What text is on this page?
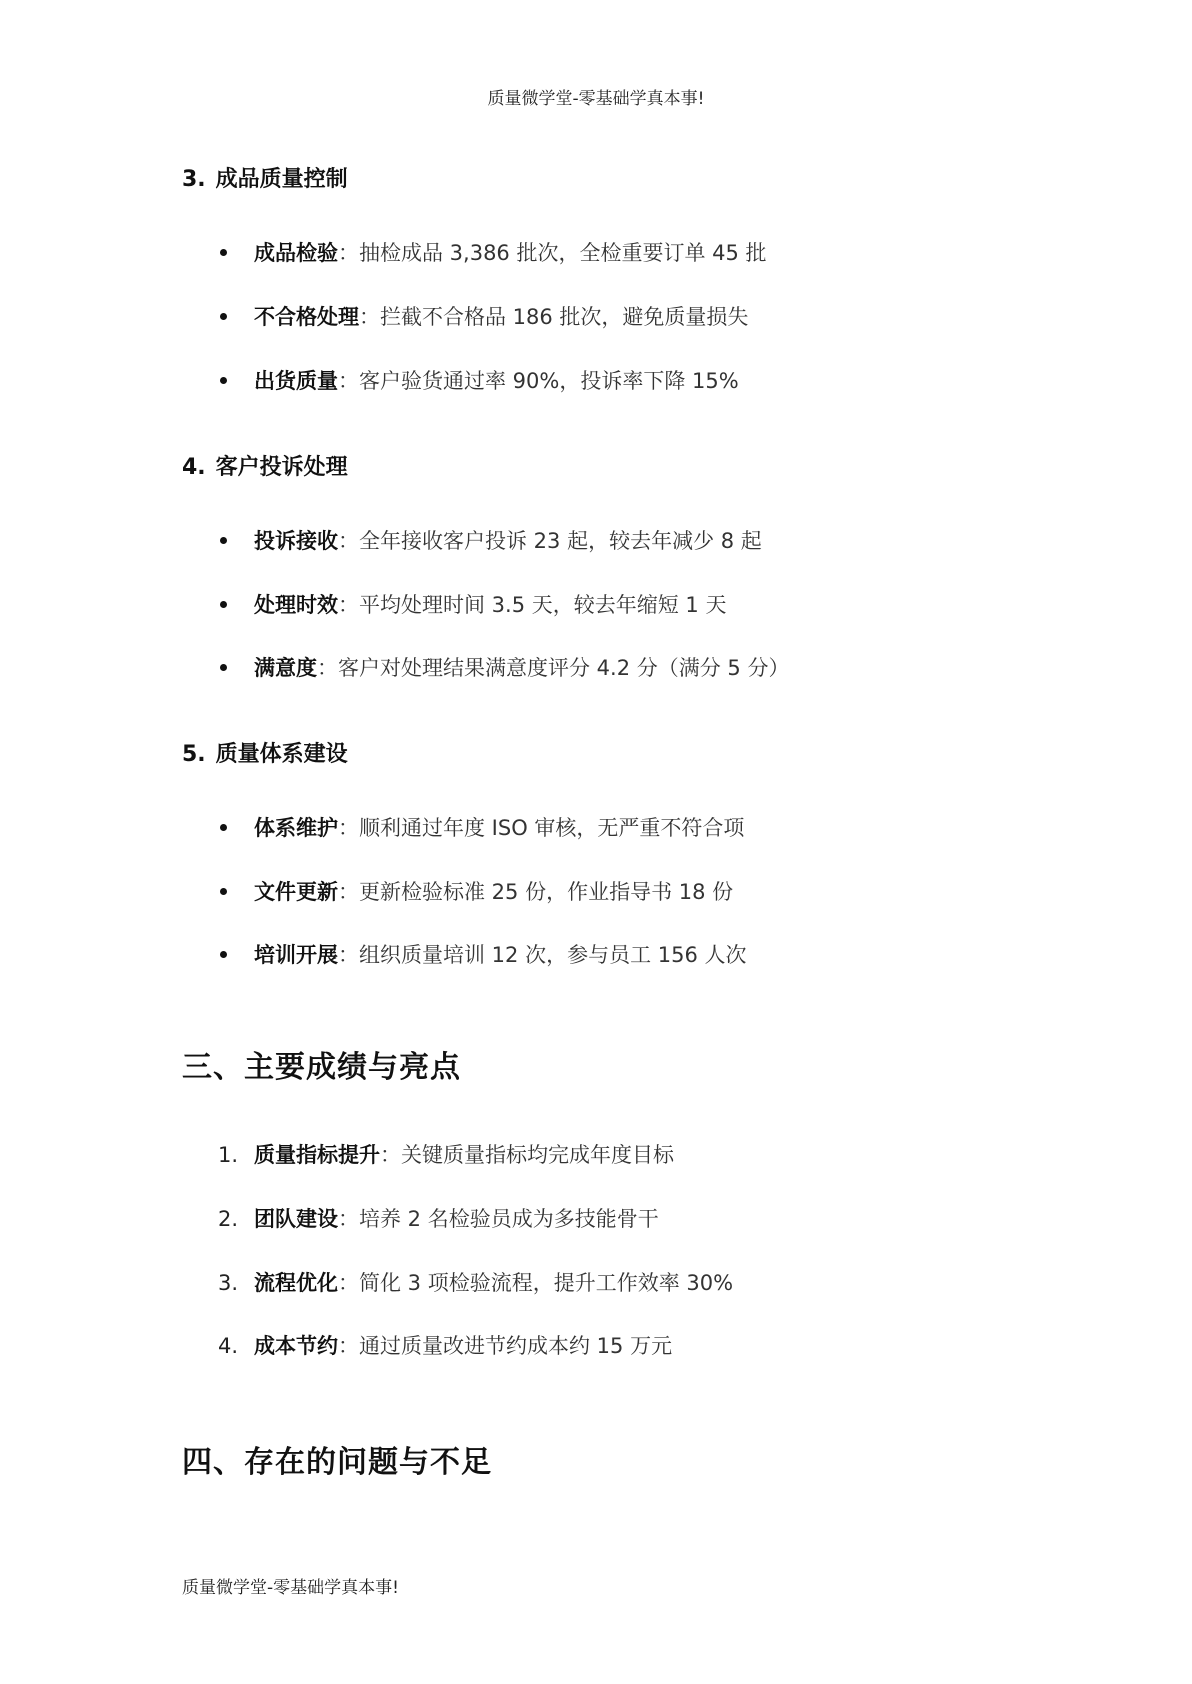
质量微学堂-零基础学真本事!
3. 成品质量控制
成品检验：抽检成品 3,386 批次，全检重要订单 45 批
不合格处理：拦截不合格品 186 批次，避免质量损失
出货质量：客户验货通过率 90%，投诉率下降 15%
4. 客户投诉处理
投诉接收：全年接收客户投诉 23 起，较去年减少 8 起
处理时效：平均处理时间 3.5 天，较去年缩短 1 天
满意度：客户对处理结果满意度评分 4.2 分（满分 5 分）
5. 质量体系建设
体系维护：顺利通过年度 ISO 审核，无严重不符合项
文件更新：更新检验标准 25 份，作业指导书 18 份
培训开展：组织质量培训 12 次，参与员工 156 人次
三、主要成绩与亮点
1. 质量指标提升：关键质量指标均完成年度目标
2. 团队建设：培养 2 名检验员成为多技能骨干
3. 流程优化：简化 3 项检验流程，提升工作效率 30%
4. 成本节约：通过质量改进节约成本约 15 万元
四、存在的问题与不足
质量微学堂-零基础学真本事!
